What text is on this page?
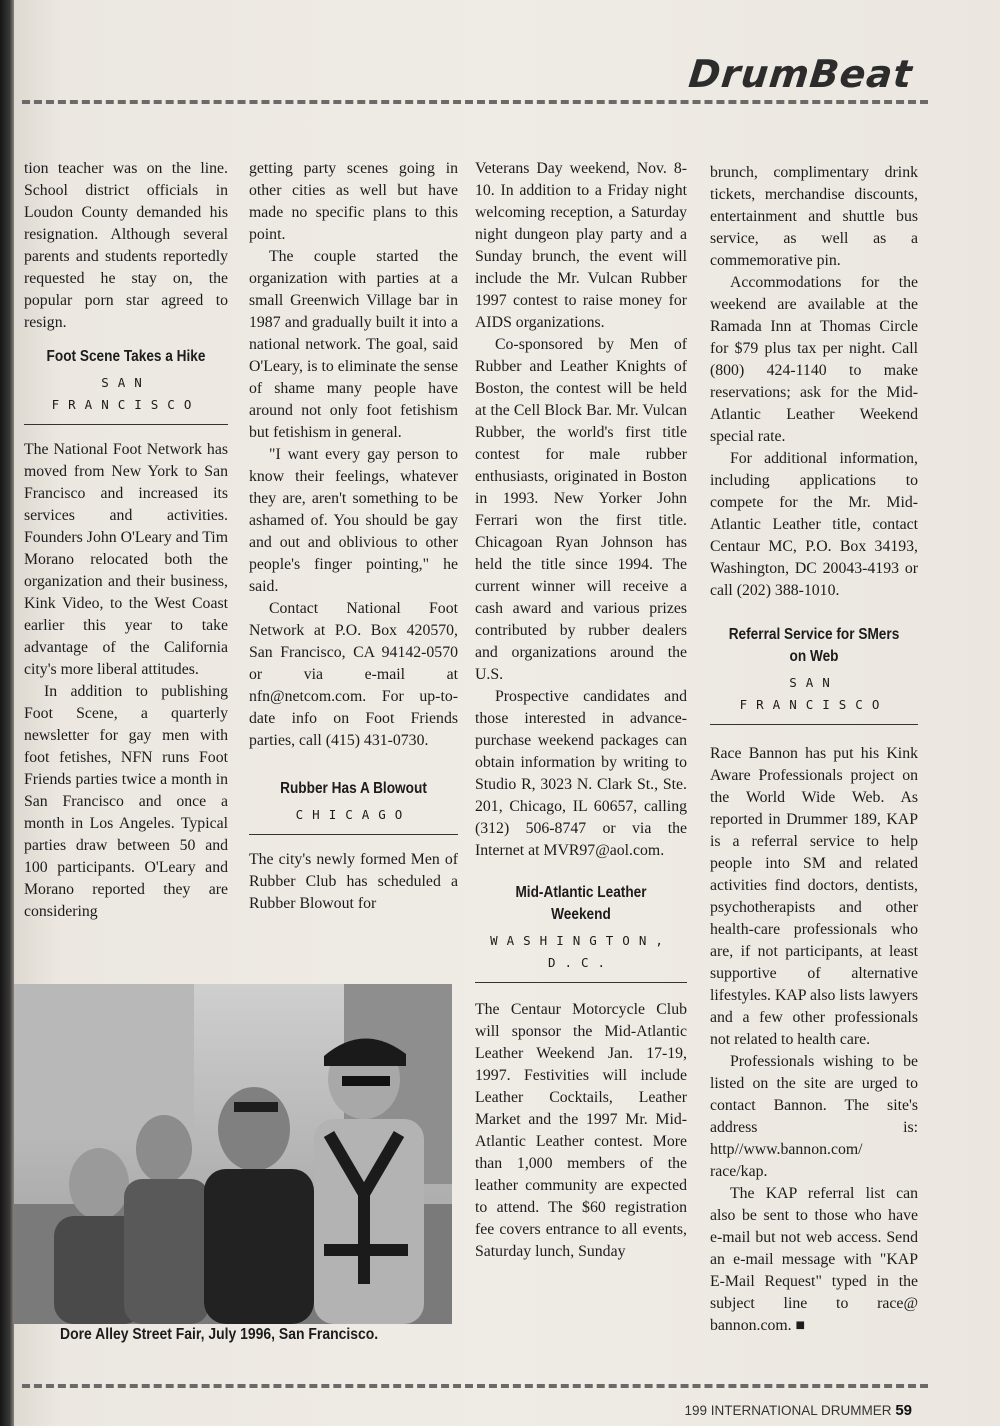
DrumBeat

tion teacher was on the line. School district officials in Loudon County demanded his resignation. Although several parents and students reportedly requested he stay on, the popular porn star agreed to resign.

Foot Scene Takes a Hike
SAN FRANCISCO

The National Foot Network has moved from New York to San Francisco and increased its services and activities. Founders John O'Leary and Tim Morano relocated both the organization and their business, Kink Video, to the West Coast earlier this year to take advantage of the California city's more liberal attitudes.

In addition to publishing Foot Scene, a quarterly newsletter for gay men with foot fetishes, NFN runs Foot Friends parties twice a month in San Francisco and once a month in Los Angeles. Typical parties draw between 50 and 100 participants. O'Leary and Morano reported they are considering

getting party scenes going in other cities as well but have made no specific plans to this point.

The couple started the organization with parties at a small Greenwich Village bar in 1987 and gradually built it into a national network. The goal, said O'Leary, is to eliminate the sense of shame many people have around not only foot fetishism but fetishism in general.

"I want every gay person to know their feelings, whatever they are, aren't something to be ashamed of. You should be gay and out and oblivious to other people's finger pointing," he said.

Contact National Foot Network at P.O. Box 420570, San Francisco, CA 94142-0570 or via e-mail at nfn@netcom.com. For up-to-date info on Foot Friends parties, call (415) 431-0730.

Rubber Has A Blowout
CHICAGO

The city's newly formed Men of Rubber Club has scheduled a Rubber Blowout for

Dore Alley Street Fair, July 1996, San Francisco.

Veterans Day weekend, Nov. 8-10. In addition to a Friday night welcoming reception, a Saturday night dungeon play party and a Sunday brunch, the event will include the Mr. Vulcan Rubber 1997 contest to raise money for AIDS organizations.

Co-sponsored by Men of Rubber and Leather Knights of Boston, the contest will be held at the Cell Block Bar. Mr. Vulcan Rubber, the world's first title contest for male rubber enthusiasts, originated in Boston in 1993. New Yorker John Ferrari won the first title. Chicagoan Ryan Johnson has held the title since 1994. The current winner will receive a cash award and various prizes contributed by rubber dealers and organizations around the U.S.

Prospective candidates and those interested in advance-purchase weekend packages can obtain information by writing to Studio R, 3023 N. Clark St., Ste. 201, Chicago, IL 60657, calling (312) 506-8747 or via the Internet at MVR97@aol.com.

Mid-Atlantic Leather Weekend
WASHINGTON, D.C.

The Centaur Motorcycle Club will sponsor the Mid-Atlantic Leather Weekend Jan. 17-19, 1997. Festivities will include Leather Cocktails, Leather Market and the 1997 Mr. Mid-Atlantic Leather contest. More than 1,000 members of the leather community are expected to attend. The $60 registration fee covers entrance to all events, Saturday lunch, Sunday

brunch, complimentary drink tickets, merchandise discounts, entertainment and shuttle bus service, as well as a commemorative pin.

Accommodations for the weekend are available at the Ramada Inn at Thomas Circle for $79 plus tax per night. Call (800) 424-1140 to make reservations; ask for the Mid-Atlantic Leather Weekend special rate.

For additional information, including applications to compete for the Mr. Mid-Atlantic Leather title, contact Centaur MC, P.O. Box 34193, Washington, DC 20043-4193 or call (202) 388-1010.

Referral Service for SMers on Web
SAN FRANCISCO

Race Bannon has put his Kink Aware Professionals project on the World Wide Web. As reported in Drummer 189, KAP is a referral service to help people into SM and related activities find doctors, dentists, psychotherapists and other health-care professionals who are, if not participants, at least supportive of alternative lifestyles. KAP also lists lawyers and a few other professionals not related to health care.

Professionals wishing to be listed on the site are urged to contact Bannon. The site's address is: http//www.bannon.com/ race/kap.

The KAP referral list can also be sent to those who have e-mail but not web access. Send an e-mail message with "KAP E-Mail Request" typed in the subject line to race@ bannon.com. ■

199 INTERNATIONAL DRUMMER 59
